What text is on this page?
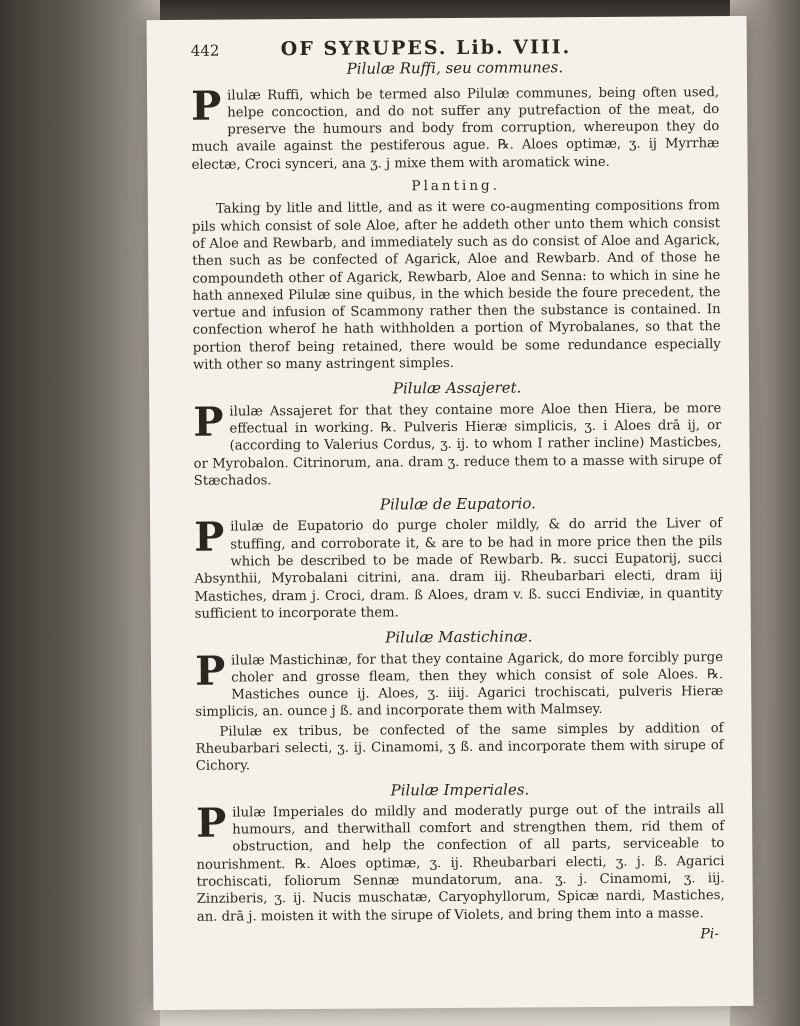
442	OF SYRUPES. Lib. VIII.
Pilulæ Ruffi, seu communes.

Pilulæ Ruffi, which be termed also Pilulæ communes, being often used, helpe concoction, and do not suffer any putrefaction of the meat, do preserve the humours and body from corruption, whereupon they do much availe against the pestiferous ague. ℞. Aloes optimæ, ʒ. ij Myrrhæ electæ, Croci synceri, ana ʒ. j mixe them with aromatick wine.

Planting.

Taking by litle and little, and as it were co-augmenting compositions from pils which consist of sole Aloe, after he addeth other unto them which consist of Aloe and Rewbarb, and immediately such as do consist of Aloe and Agarick, then such as be confected of Agarick, Aloe and Rewbarb. And of those he compoundeth other of Agarick, Rewbarb, Aloe and Senna: to which in sine he hath annexed Pilulæ sine quibus, in the which beside the foure precedent, the vertue and infusion of Scammony rather then the substance is contained. In confection wherof he hath withholden a portion of Myrobalanes, so that the portion therof being retained, there would be some redundance especially with other so many astringent simples.

Pilulæ Assajeret.

Pilulæ Assajeret for that they containe more Aloe then Hiera, be more effectual in working. ℞. Pulveris Hieræ simplicis, ʒ. i Aloes drā ij, or (according to Valerius Cordus, ʒ. ij. to whom I rather incline) Masticbes, or Myrobalon. Citrinorum, ana. dram ʒ. reduce them to a masse with sirupe of Stæchados.

Pilulæ de Eupatorio.

Pilulæ de Eupatorio do purge choler mildly, & do arrid the Liver of stuffing, and corroborate it, & are to be had in more price then the pils which be described to be made of Rewbarb. ℞. succi Eupatorij, succi Absynthii, Myrobalani citrini, ana. dram iij. Rheubarbari electi, dram iij Mastiches, dram j. Croci, dram. ß Aloes, dram v. ß. succi Endiviæ, in quantity sufficient to incorporate them.

Pilulæ Mastichinæ.

Pilulæ Mastichinæ, for that they containe Agarick, do more forcibly purge choler and grosse fleam, then they which consist of sole Aloes. ℞. Mastiches ounce ij. Aloes, ʒ. iiij. Agarici trochiscati, pulveris Hieræ simplicis, an. ounce j ß. and incorporate them with Malmsey.

Pilulæ ex tribus, be confected of the same simples by addition of Rheubarbari selecti, ʒ. ij. Cinamomi, ʒ ß. and incorporate them with sirupe of Cichory.

Pilulæ Imperiales.

Pilulæ Imperiales do mildly and moderatly purge out of the intrails all humours, and therwithall comfort and strengthen them, rid them of obstruction, and help the confection of all parts, serviceable to nourishment. ℞. Aloes optimæ, ʒ. ij. Rheubarbari electi, ʒ. j. ß. Agarici trochiscati, foliorum Sennæ mundatorum, ana. ʒ. j. Cinamomi, ʒ. iij. Zinziberis, ʒ. ij. Nucis muschatæ, Caryophyllorum, Spicæ nardi, Mastiches, an. drā j. moisten it with the sirupe of Violets, and bring them into a masse.

Pi-
